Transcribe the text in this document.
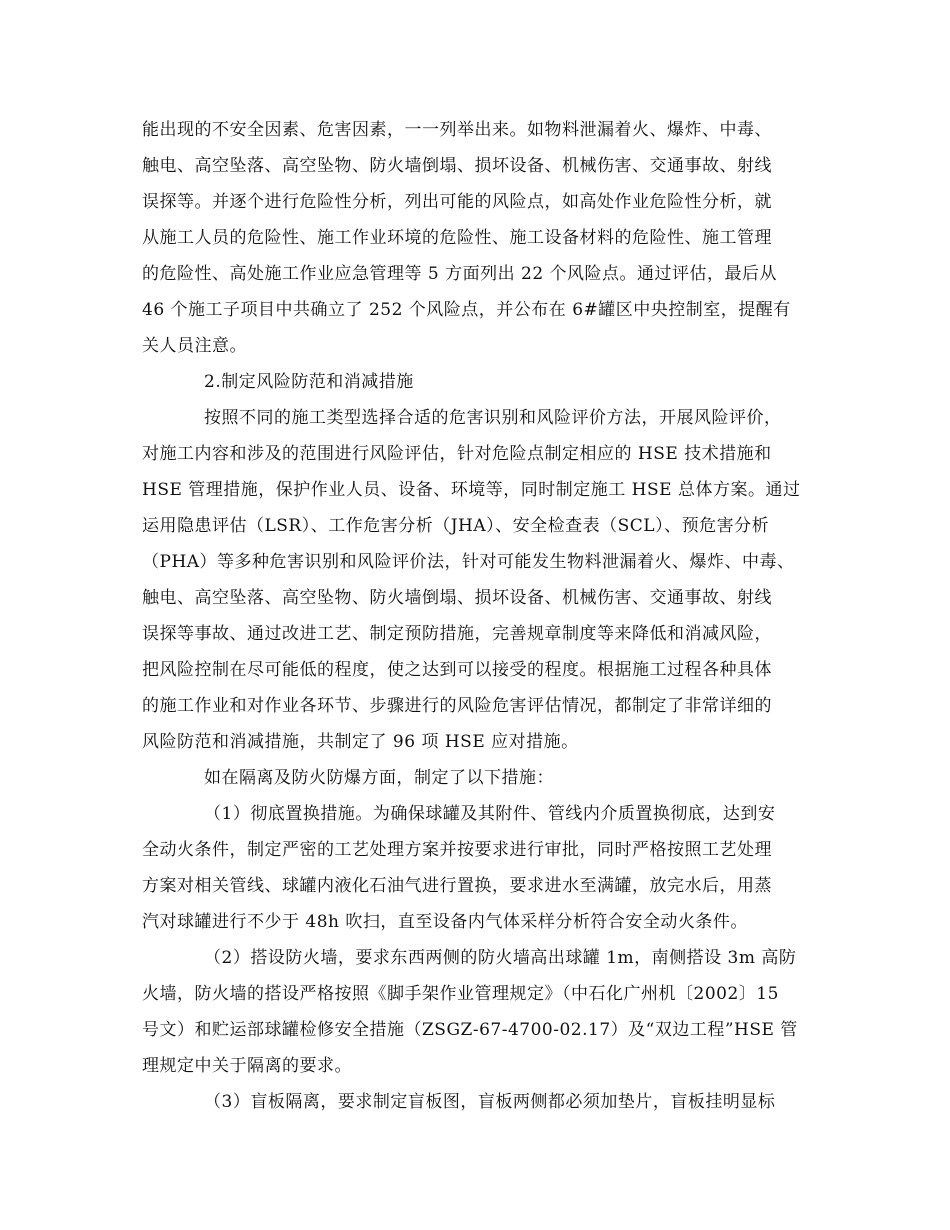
能出现的不安全因素、危害因素，一一列举出来。如物料泄漏着火、爆炸、中毒、
触电、高空坠落、高空坠物、防火墙倒塌、损坏设备、机械伤害、交通事故、射线
误探等。并逐个进行危险性分析，列出可能的风险点，如高处作业危险性分析，就
从施工人员的危险性、施工作业环境的危险性、施工设备材料的危险性、施工管理
的危险性、高处施工作业应急管理等 5 方面列出 22 个风险点。通过评估，最后从
46 个施工子项目中共确立了 252 个风险点，并公布在 6#罐区中央控制室，提醒有
关人员注意。
2.制定风险防范和消减措施
按照不同的施工类型选择合适的危害识别和风险评价方法，开展风险评价，
对施工内容和涉及的范围进行风险评估，针对危险点制定相应的 HSE 技术措施和
HSE 管理措施，保护作业人员、设备、环境等，同时制定施工 HSE 总体方案。通过
运用隐患评估（LSR）、工作危害分析（JHA）、安全检查表（SCL）、预危害分析
（PHA）等多种危害识别和风险评价法，针对可能发生物料泄漏着火、爆炸、中毒、
触电、高空坠落、高空坠物、防火墙倒塌、损坏设备、机械伤害、交通事故、射线
误探等事故、通过改进工艺、制定预防措施，完善规章制度等来降低和消减风险，
把风险控制在尽可能低的程度，使之达到可以接受的程度。根据施工过程各种具体
的施工作业和对作业各环节、步骤进行的风险危害评估情况，都制定了非常详细的
风险防范和消减措施，共制定了 96 项 HSE 应对措施。
如在隔离及防火防爆方面，制定了以下措施：
（1）彻底置换措施。为确保球罐及其附件、管线内介质置换彻底，达到安
全动火条件，制定严密的工艺处理方案并按要求进行审批，同时严格按照工艺处理
方案对相关管线、球罐内液化石油气进行置换，要求进水至满罐，放完水后，用蒸
汽对球罐进行不少于 48h 吹扫，直至设备内气体采样分析符合安全动火条件。
（2）搭设防火墙，要求东西两侧的防火墙高出球罐 1m，南侧搭设 3m 高防
火墙，防火墙的搭设严格按照《脚手架作业管理规定》（中石化广州机〔2002〕15
号文）和贮运部球罐检修安全措施（ZSGZ-67-4700-02.17）及“双边工程”HSE 管
理规定中关于隔离的要求。
（3）盲板隔离，要求制定盲板图，盲板两侧都必须加垫片，盲板挂明显标
